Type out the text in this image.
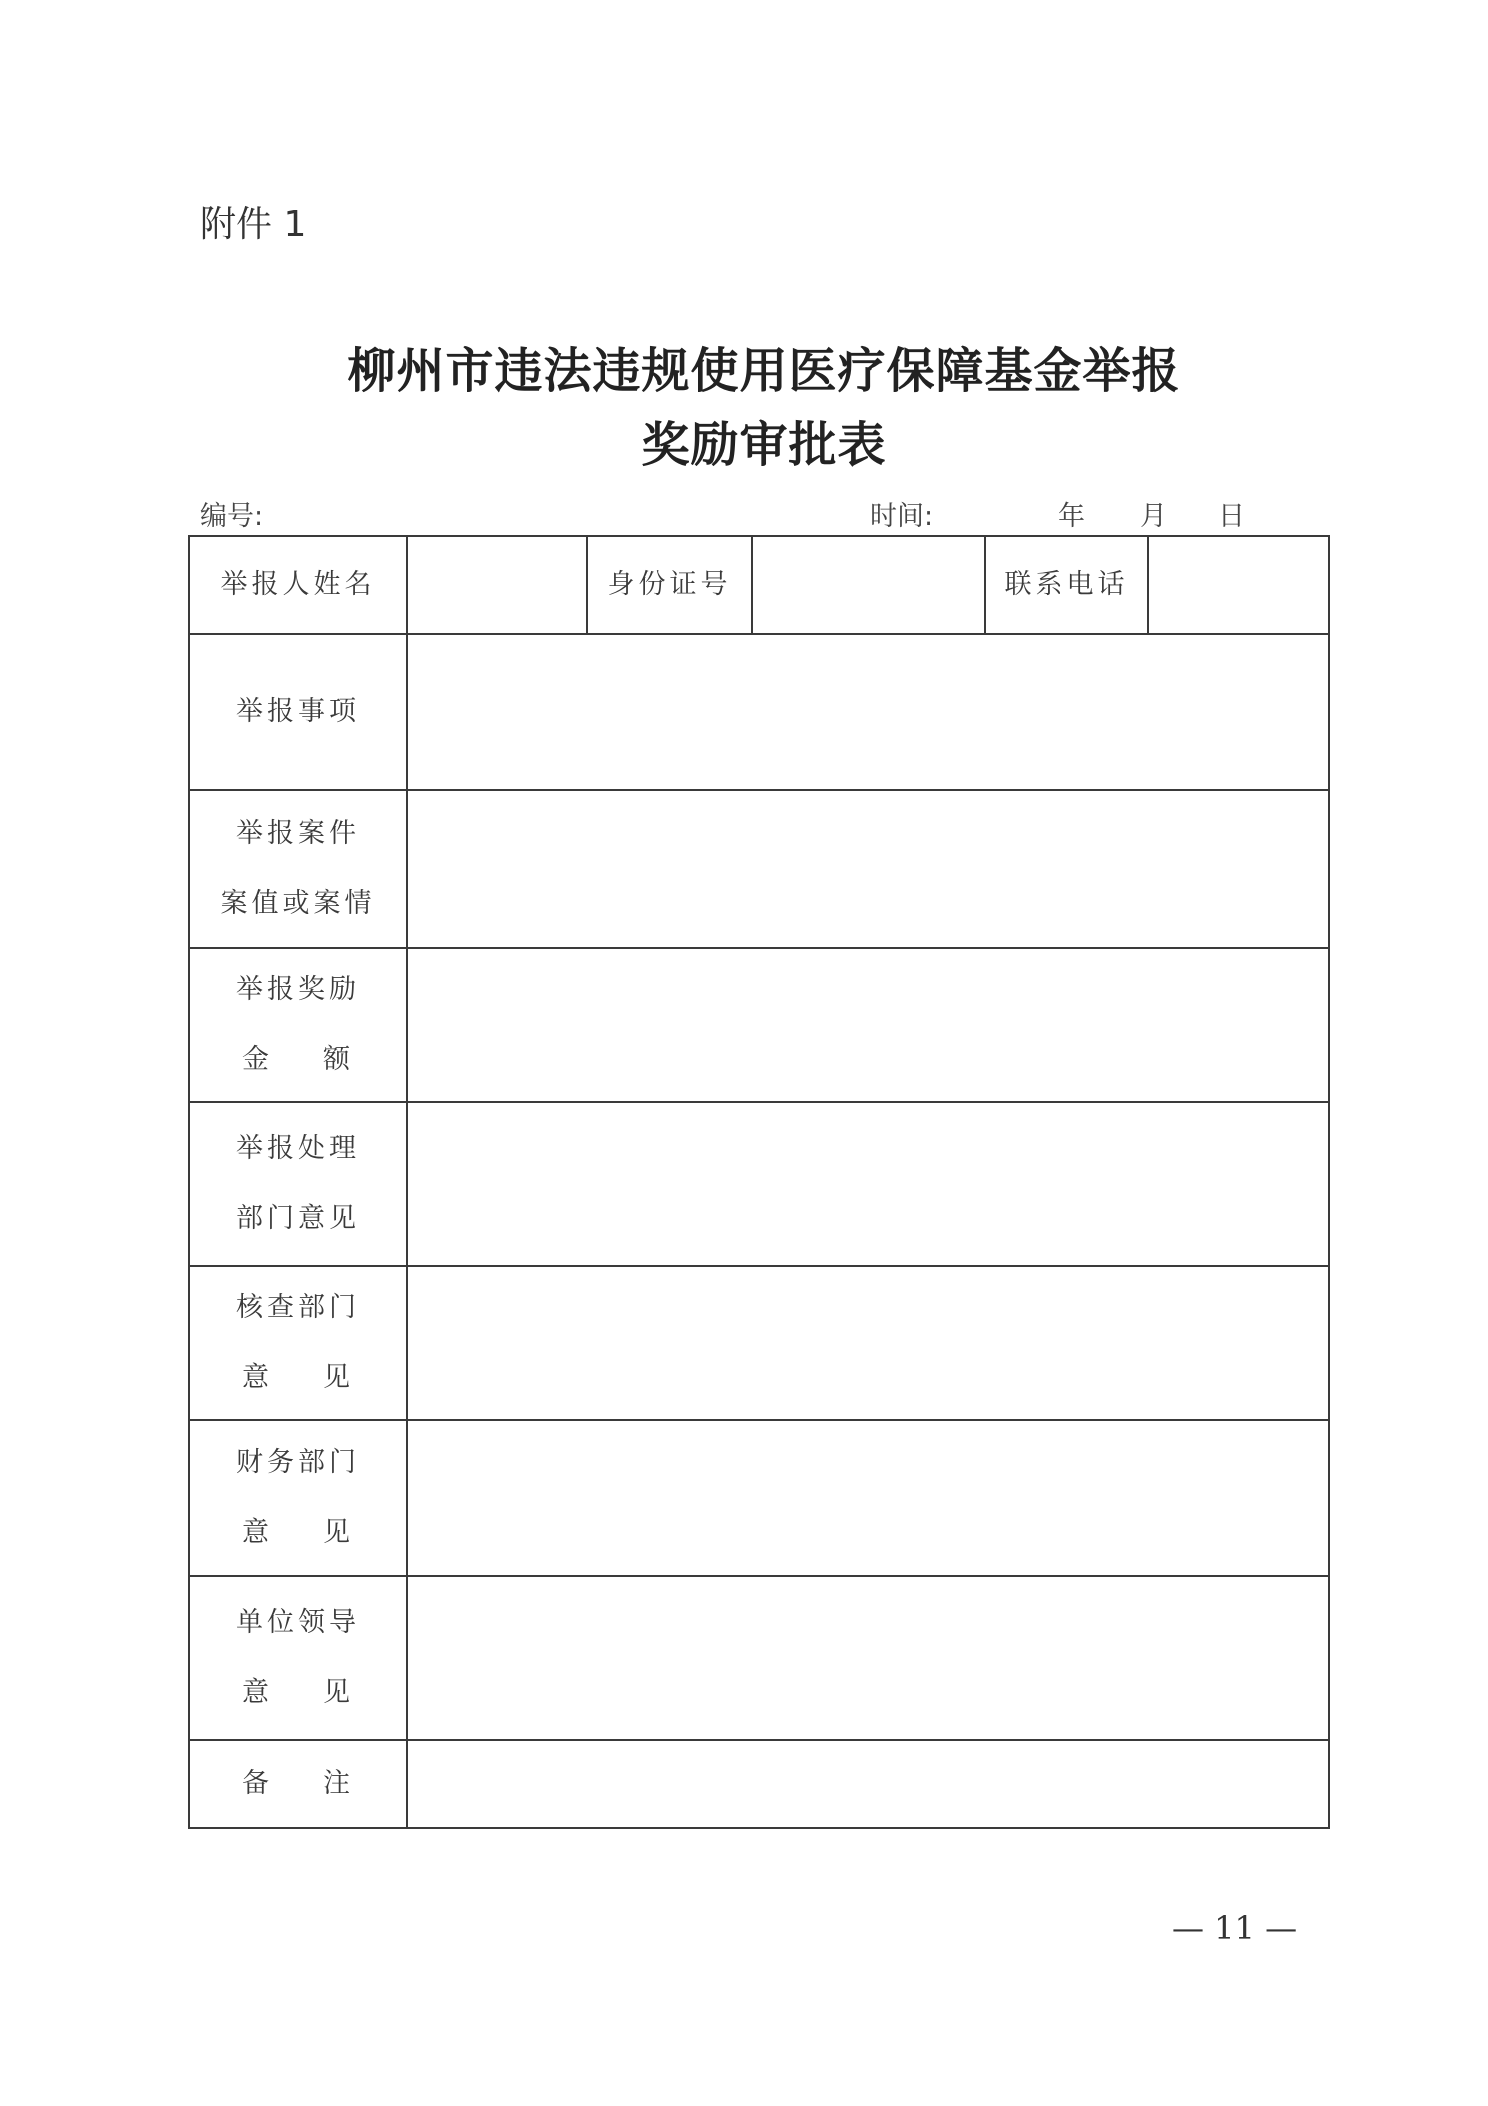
附件 1
柳州市违法违规使用医疗保障基金举报
奖励审批表
编号:	时间:	年 月 日
举报人姓名		身份证号		联系电话	

举报事项					

举报案件
案值或案情					

举报奖励
金 额					

举报处理
部门意见					

核查部门
意 见					

财务部门
意 见					

单位领导
意 见					

备 注					

— 11 —
